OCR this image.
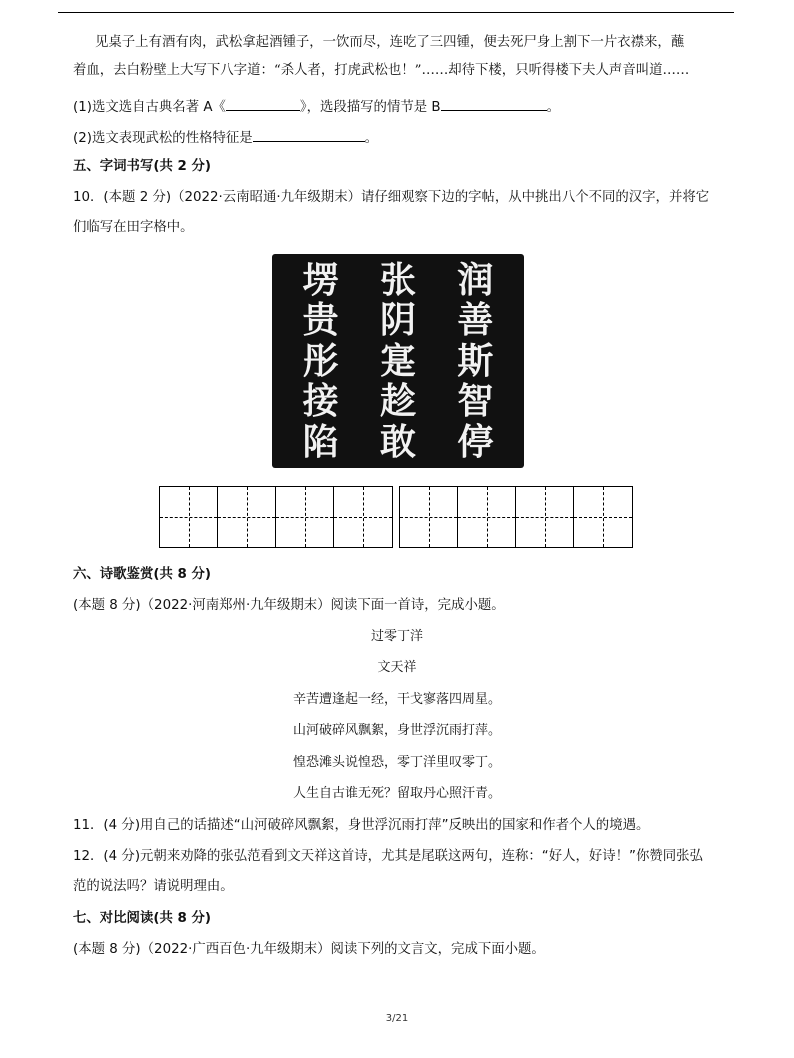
见桌子上有酒有肉，武松拿起酒锺子，一饮而尽，连吃了三四锺，便去死尸身上割下一片衣襟来，蘸
着血，去白粉壁上大写下八字道：“杀人者，打虎武松也！”……却待下楼，只听得楼下夫人声音叫道……
(1)选文选自古典名著 A《	》，选段描写的情节是 B	。
(2)选文表现武松的性格特征是	。
五、字词书写(共 2 分)
10．(本题 2 分)（2022·云南昭通·九年级期末）请仔细观察下边的字帖，从中挑出八个不同的汉字，并将它
们临写在田字格中。
塄	张	润
贵	阴	善
彤	寔	斯
接	趁	智
陷	敢	停
六、诗歌鉴赏(共 8 分)
(本题 8 分)（2022·河南郑州·九年级期末）阅读下面一首诗，完成小题。
过零丁洋
文天祥
辛苦遭逢起一经，干戈寥落四周星。
山河破碎风飘絮，身世浮沉雨打萍。
惶恐滩头说惶恐，零丁洋里叹零丁。
人生自古谁无死？留取丹心照汗青。
11．(4 分)用自己的话描述“山河破碎风飘絮，身世浮沉雨打萍”反映出的国家和作者个人的境遇。
12．(4 分)元朝来劝降的张弘范看到文天祥这首诗，尤其是尾联这两句，连称：“好人，好诗！”你赞同张弘
范的说法吗？请说明理由。
七、对比阅读(共 8 分)
(本题 8 分)（2022·广西百色·九年级期末）阅读下列的文言文，完成下面小题。
3/21
